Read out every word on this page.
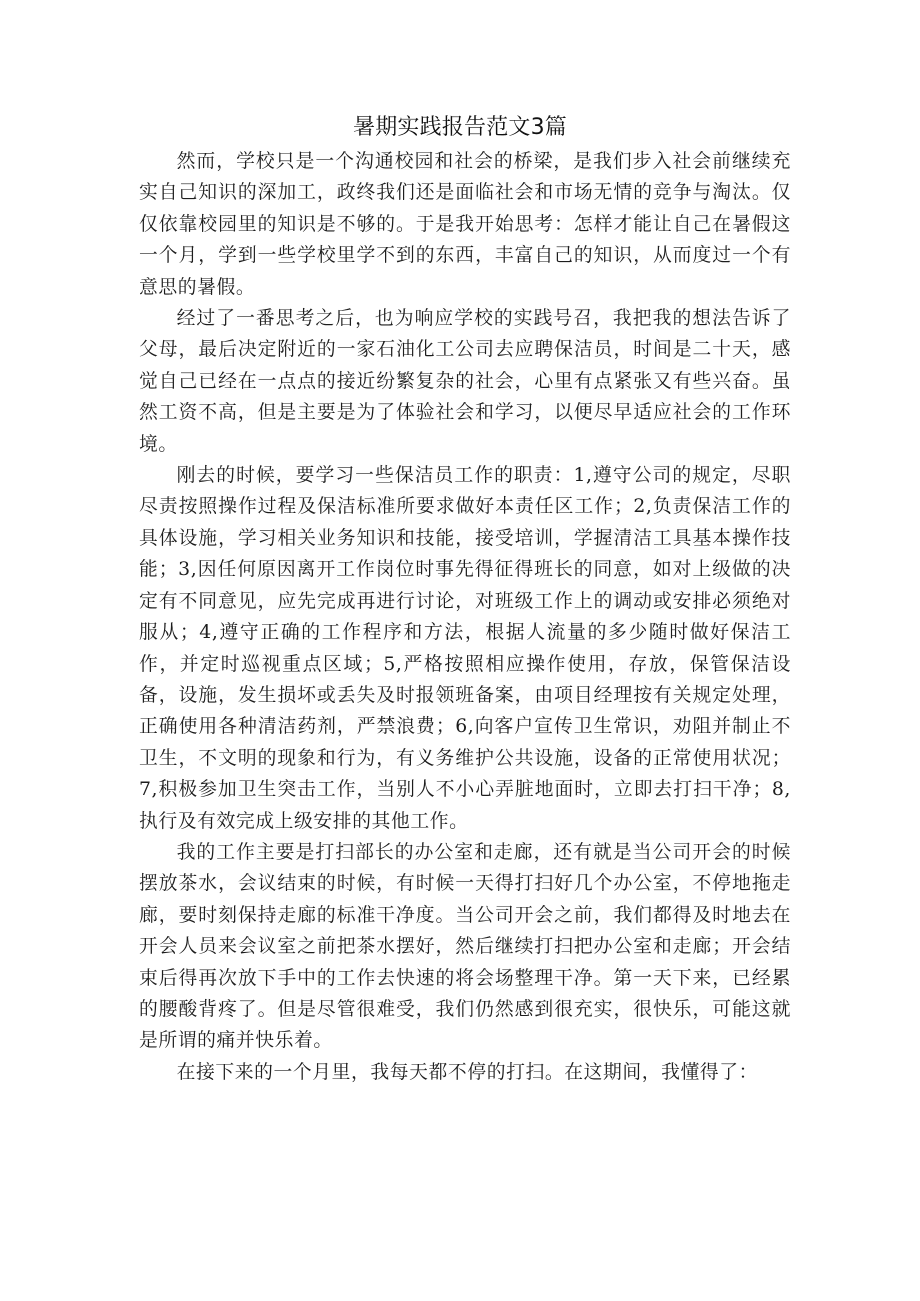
暑期实践报告范文3篇

然而，学校只是一个沟通校园和社会的桥梁，是我们步入社会前继续充实自己知识的深加工，政终我们还是面临社会和市场无情的竞争与淘汰。仅仅依靠校园里的知识是不够的。于是我开始思考：怎样才能让自己在暑假这一个月，学到一些学校里学不到的东西，丰富自己的知识，从而度过一个有意思的暑假。

经过了一番思考之后，也为响应学校的实践号召，我把我的想法告诉了父母，最后决定附近的一家石油化工公司去应聘保洁员，时间是二十天，感觉自己已经在一点点的接近纷繁复杂的社会，心里有点紧张又有些兴奋。虽然工资不高，但是主要是为了体验社会和学习，以便尽早适应社会的工作环境。

刚去的时候，要学习一些保洁员工作的职责：1,遵守公司的规定，尽职尽责按照操作过程及保洁标准所要求做好本责任区工作；2,负责保洁工作的具体设施，学习相关业务知识和技能，接受培训，学握清洁工具基本操作技能；3,因任何原因离开工作岗位时事先得征得班长的同意，如对上级做的决定有不同意见，应先完成再进行讨论，对班级工作上的调动或安排必须绝对服从；4,遵守正确的工作程序和方法，根据人流量的多少随时做好保洁工作，并定时巡视重点区域；5,严格按照相应操作使用，存放，保管保洁设备，设施，发生损坏或丢失及时报领班备案，由项目经理按有关规定处理，正确使用各种清洁药剂，严禁浪费；6,向客户宣传卫生常识，劝阻并制止不卫生，不文明的现象和行为，有义务维护公共设施，设备的正常使用状况；7,积极参加卫生突击工作，当别人不小心弄脏地面时，立即去打扫干净；8,执行及有效完成上级安排的其他工作。

我的工作主要是打扫部长的办公室和走廊，还有就是当公司开会的时候摆放茶水，会议结束的时候，有时候一天得打扫好几个办公室，不停地拖走廊，要时刻保持走廊的标准干净度。当公司开会之前，我们都得及时地去在开会人员来会议室之前把茶水摆好，然后继续打扫把办公室和走廊；开会结束后得再次放下手中的工作去快速的将会场整理干净。第一天下来，已经累的腰酸背疼了。但是尽管很难受，我们仍然感到很充实，很快乐，可能这就是所谓的痛并快乐着。

在接下来的一个月里，我每天都不停的打扫。在这期间，我懂得了：
